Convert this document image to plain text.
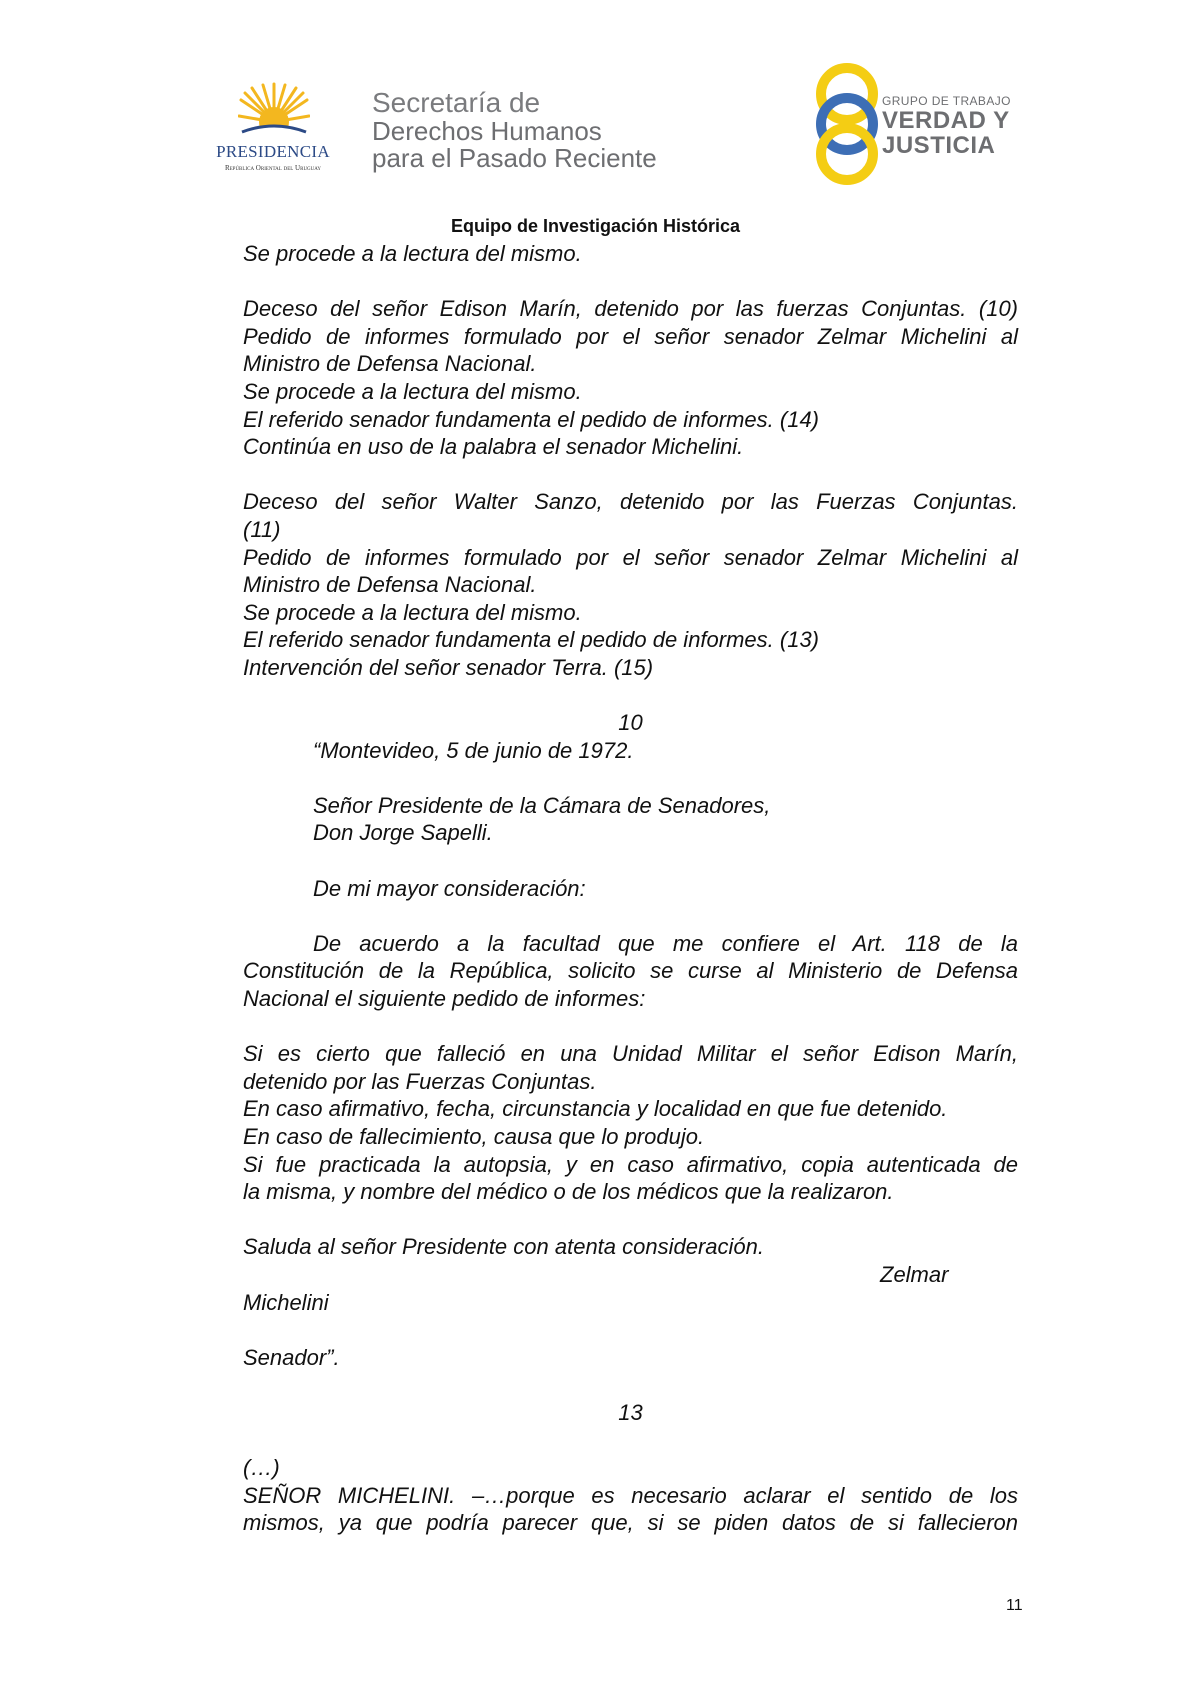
PRESIDENCIA
República Oriental del Uruguay
Secretaría de
Derechos Humanos
para el Pasado Reciente
GRUPO DE TRABAJO
VERDAD Y
JUSTICIA
Equipo de Investigación Histórica

Se procede a la lectura del mismo.

Deceso del señor Edison Marín, detenido por las fuerzas Conjuntas. (10)

Pedido de informes formulado por el señor senador Zelmar Michelini al

Ministro de Defensa Nacional.

Se procede a la lectura del mismo.

El referido senador fundamenta el pedido de informes. (14)

Continúa en uso de la palabra el senador Michelini.

Deceso del señor Walter Sanzo, detenido por las Fuerzas Conjuntas.

(11)

Pedido de informes formulado por el señor senador Zelmar Michelini al

Ministro de Defensa Nacional.

Se procede a la lectura del mismo.

El referido senador fundamenta el pedido de informes. (13)

Intervención del señor senador Terra. (15)

10

“Montevideo, 5 de junio de 1972.

Señor Presidente de la Cámara de Senadores,

Don Jorge Sapelli.

De mi mayor consideración:

De acuerdo a la facultad que me confiere el Art. 118 de la

Constitución de la República, solicito se curse al Ministerio de Defensa

Nacional el siguiente pedido de informes:

Si es cierto que falleció en una Unidad Militar el señor Edison Marín,

detenido por las Fuerzas Conjuntas.

En caso afirmativo, fecha, circunstancia y localidad en que fue detenido.

En caso de fallecimiento, causa que lo produjo.

Si fue practicada la autopsia, y en caso afirmativo, copia autenticada de

la misma, y nombre del médico o de los médicos que la realizaron.

Saluda al señor Presidente con atenta consideración.

Zelmar

Michelini

Senador”.

13

(…)

SEÑOR MICHELINI. –…porque es necesario aclarar el sentido de los

mismos, ya que podría parecer que, si se piden datos de si fallecieron

11
